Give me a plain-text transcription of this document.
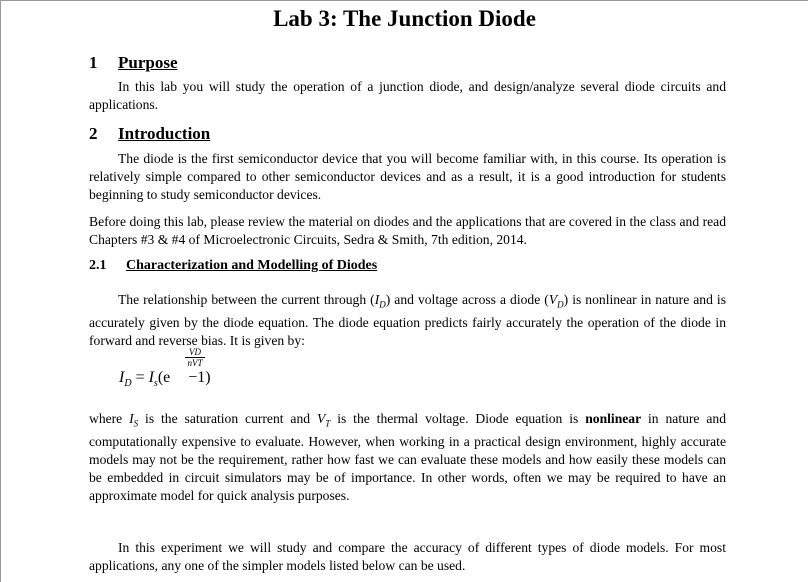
Lab 3: The Junction Diode
1 Purpose

In this lab you will study the operation of a junction diode, and design/analyze several diode circuits and applications.

2 Introduction

The diode is the first semiconductor device that you will become familiar with, in this course. Its operation is relatively simple compared to other semiconductor devices and as a result, it is a good introduction for students beginning to study semiconductor devices.

Before doing this lab, please review the material on diodes and the applications that are covered in the class and read Chapters #3 & #4 of Microelectronic Circuits, Sedra & Smith, 7th edition, 2014.

2.1 Characterization and Modelling of Diodes

The relationship between the current through $(I_D)$ and voltage across a diode $(V_D)$ is nonlinear in nature and is accurately given by the diode equation. The diode equation predicts fairly accurately the operation of the diode in forward and reverse bias. It is given by:

VD
nVT
$I_D = I_s(e -1)$

where $I_S$ is the saturation current and $V_T$ is the thermal voltage. Diode equation is nonlinear in nature and computationally expensive to evaluate. However, when working in a practical design environment, highly accurate models may not be the requirement, rather how fast we can evaluate these models and how easily these models can be embedded in circuit simulators may be of importance. In other words, often we may be required to have an approximate model for quick analysis purposes.

In this experiment we will study and compare the accuracy of different types of diode models. For most applications, any one of the simpler models listed below can be used.
